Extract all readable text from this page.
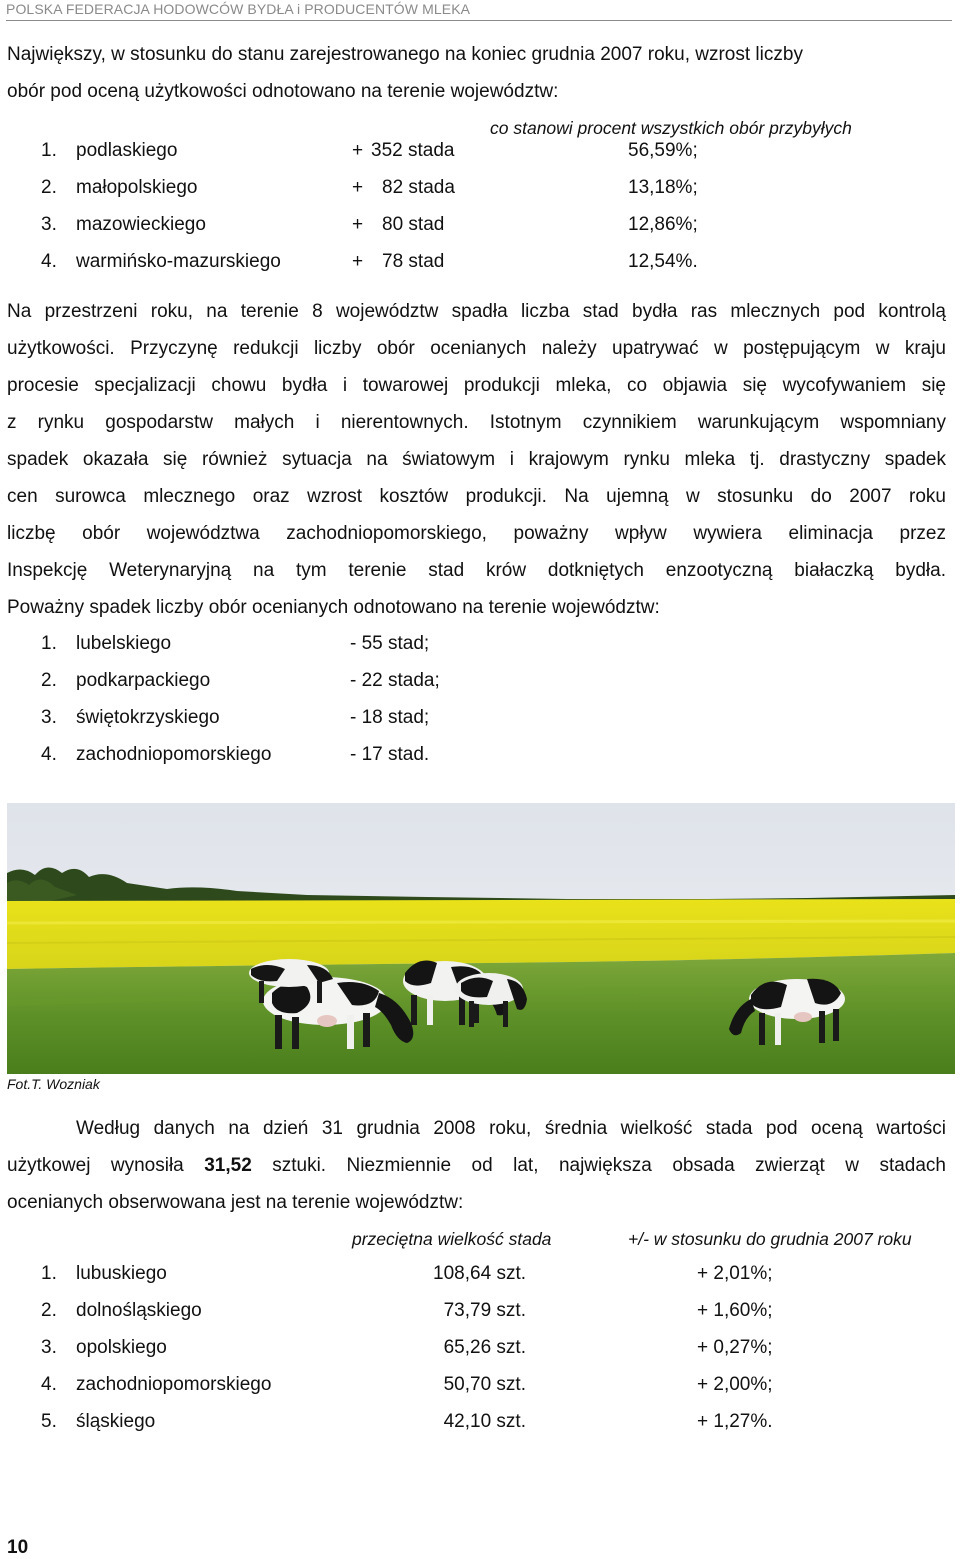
POLSKA FEDERACJA HODOWCÓW BYDŁA i PRODUCENTÓW MLEKA
Największy, w stosunku do stanu zarejestrowanego na koniec grudnia 2007 roku, wzrost liczby
obór pod oceną użytkowości odnotowano na terenie województw:
co stanowi procent wszystkich obór przybyłych
1. podlaskiego	+ 352 stada	56,59%;
2. małopolskiego	+ 82 stada	13,18%;
3. mazowieckiego	+ 80 stad	12,86%;
4. warmińsko-mazurskiego	+ 78 stad	12,54%.
Na przestrzeni roku, na terenie 8 województw spadła liczba stad bydła ras mlecznych pod kontrolą
użytkowości. Przyczynę redukcji liczby obór ocenianych należy upatrywać w postępującym w kraju
procesie specjalizacji chowu bydła i towarowej produkcji mleka, co objawia się wycofywaniem się
z rynku gospodarstw małych i nierentownych. Istotnym czynnikiem warunkującym wspomniany
spadek okazała się również sytuacja na światowym i krajowym rynku mleka tj. drastyczny spadek
cen surowca mlecznego oraz wzrost kosztów produkcji. Na ujemną w stosunku do 2007 roku
liczbę obór województwa zachodniopomorskiego, poważny wpływ wywiera eliminacja przez
Inspekcję Weterynaryjną na tym terenie stad krów dotkniętych enzootyczną białaczką bydła.
Poważny spadek liczby obór ocenianych odnotowano na terenie województw:
1. lubelskiego	- 55 stad;
2. podkarpackiego	- 22 stada;
3. świętokrzyskiego	- 18 stad;
4. zachodniopomorskiego	- 17 stad.
Fot.T. Wozniak
Według danych na dzień 31 grudnia 2008 roku, średnia wielkość stada pod oceną wartości
użytkowej wynosiła 31,52 sztuki. Niezmiennie od lat, największa obsada zwierząt w stadach
ocenianych obserwowana jest na terenie województw:
przeciętna wielkość stada	+/- w stosunku do grudnia 2007 roku
1. lubuskiego	108,64 szt.	+ 2,01%;
2. dolnośląskiego	73,79 szt.	+ 1,60%;
3. opolskiego	65,26 szt.	+ 0,27%;
4. zachodniopomorskiego	50,70 szt.	+ 2,00%;
5. śląskiego	42,10 szt.	+ 1,27%.
10
